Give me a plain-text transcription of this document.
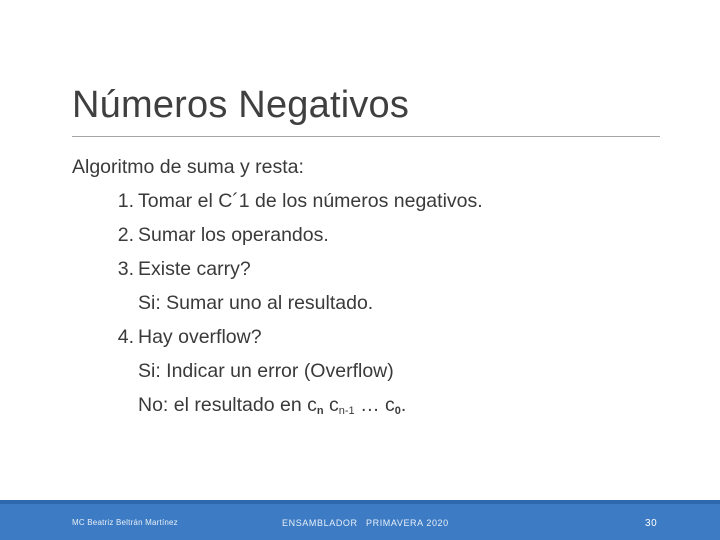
Números Negativos
Algoritmo de suma y resta:
1. Tomar el C´1 de los números negativos.
2. Sumar los operandos.
3. Existe carry?
Si: Sumar uno al resultado.
4. Hay overflow?
Si: Indicar un error (Overflow)
No: el resultado en $c_n$ $c_{n-1}$ … $c_0$.
MC Beatriz Beltrán Martínez	ENSAMBLADOR PRIMAVERA 2020	30
